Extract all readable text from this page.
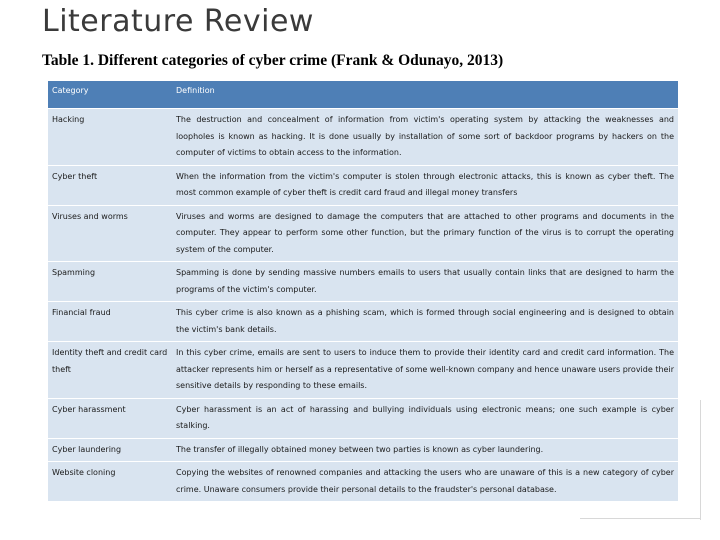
Literature Review
Table 1. Different categories of cyber crime (Frank & Odunayo, 2013)
Category	Definition
Hacking	The destruction and concealment of information from victim's operating system by attacking the weaknesses and loopholes is known as hacking. It is done usually by installation of some sort of backdoor programs by hackers on the computer of victims to obtain access to the information.
Cyber theft	When the information from the victim's computer is stolen through electronic attacks, this is known as cyber theft. The most common example of cyber theft is credit card fraud and illegal money transfers
Viruses and worms	Viruses and worms are designed to damage the computers that are attached to other programs and documents in the computer. They appear to perform some other function, but the primary function of the virus is to corrupt the operating system of the computer.
Spamming	Spamming is done by sending massive numbers emails to users that usually contain links that are designed to harm the programs of the victim's computer.
Financial fraud	This cyber crime is also known as a phishing scam, which is formed through social engineering and is designed to obtain the victim's bank details.
Identity theft and credit card theft	In this cyber crime, emails are sent to users to induce them to provide their identity card and credit card information. The attacker represents him or herself as a representative of some well-known company and hence unaware users provide their sensitive details by responding to these emails.
Cyber harassment	Cyber harassment is an act of harassing and bullying individuals using electronic means; one such example is cyber stalking.
Cyber laundering	The transfer of illegally obtained money between two parties is known as cyber laundering.
Website cloning	Copying the websites of renowned companies and attacking the users who are unaware of this is a new category of cyber crime. Unaware consumers provide their personal details to the fraudster's personal database.
